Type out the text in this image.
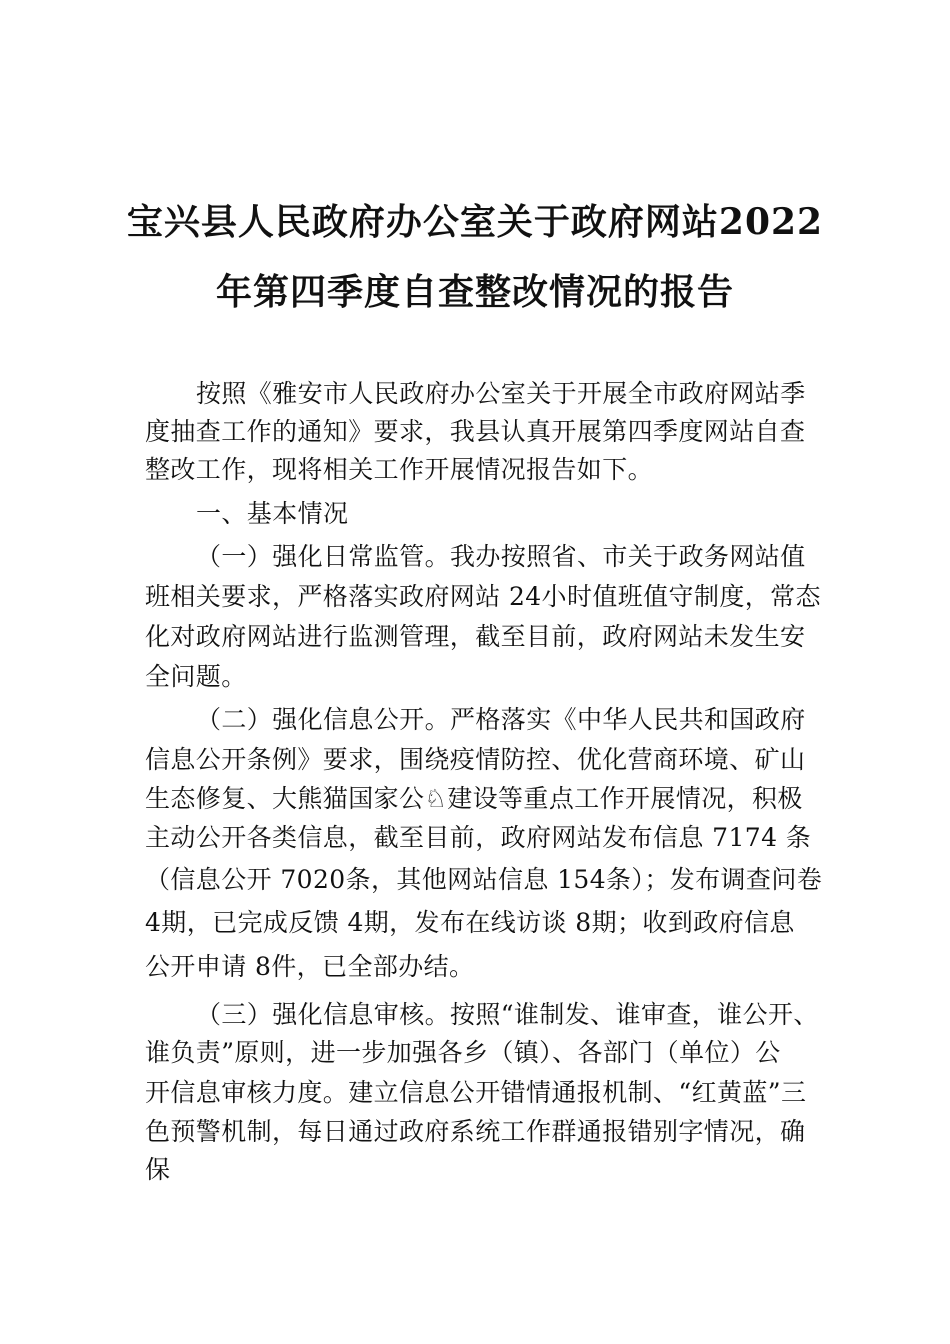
宝兴县人民政府办公室关于政府网站2022
年第四季度自查整改情况的报告
按照《雅安市人民政府办公室关于开展全市政府网站季
度抽查工作的通知》要求，我县认真开展第四季度网站自查
整改工作，现将相关工作开展情况报告如下。
一、基本情况
（一）强化日常监管。我办按照省、市关于政务网站值
班相关要求，严格落实政府网站 24小时值班值守制度，常态
化对政府网站进行监测管理，截至目前，政府网站未发生安
全问题。
（二）强化信息公开。严格落实《中华人民共和国政府
信息公开条例》要求，围绕疫情防控、优化营商环境、矿山
生态修复、大熊猫国家公♘建设等重点工作开展情况，积极
主动公开各类信息，截至目前，政府网站发布信息 7174 条
（信息公开 7020条，其他网站信息 154条）；发布调查问卷
4期，已完成反馈 4期，发布在线访谈 8期；收到政府信息
公开申请 8件，已全部办结。
（三）强化信息审核。按照“谁制发、谁审查，谁公开、
谁负责”原则，进一步加强各乡（镇）、各部门（单位）公
开信息审核力度。建立信息公开错情通报机制、“红黄蓝”三
色预警机制，每日通过政府系统工作群通报错别字情况，确
保
